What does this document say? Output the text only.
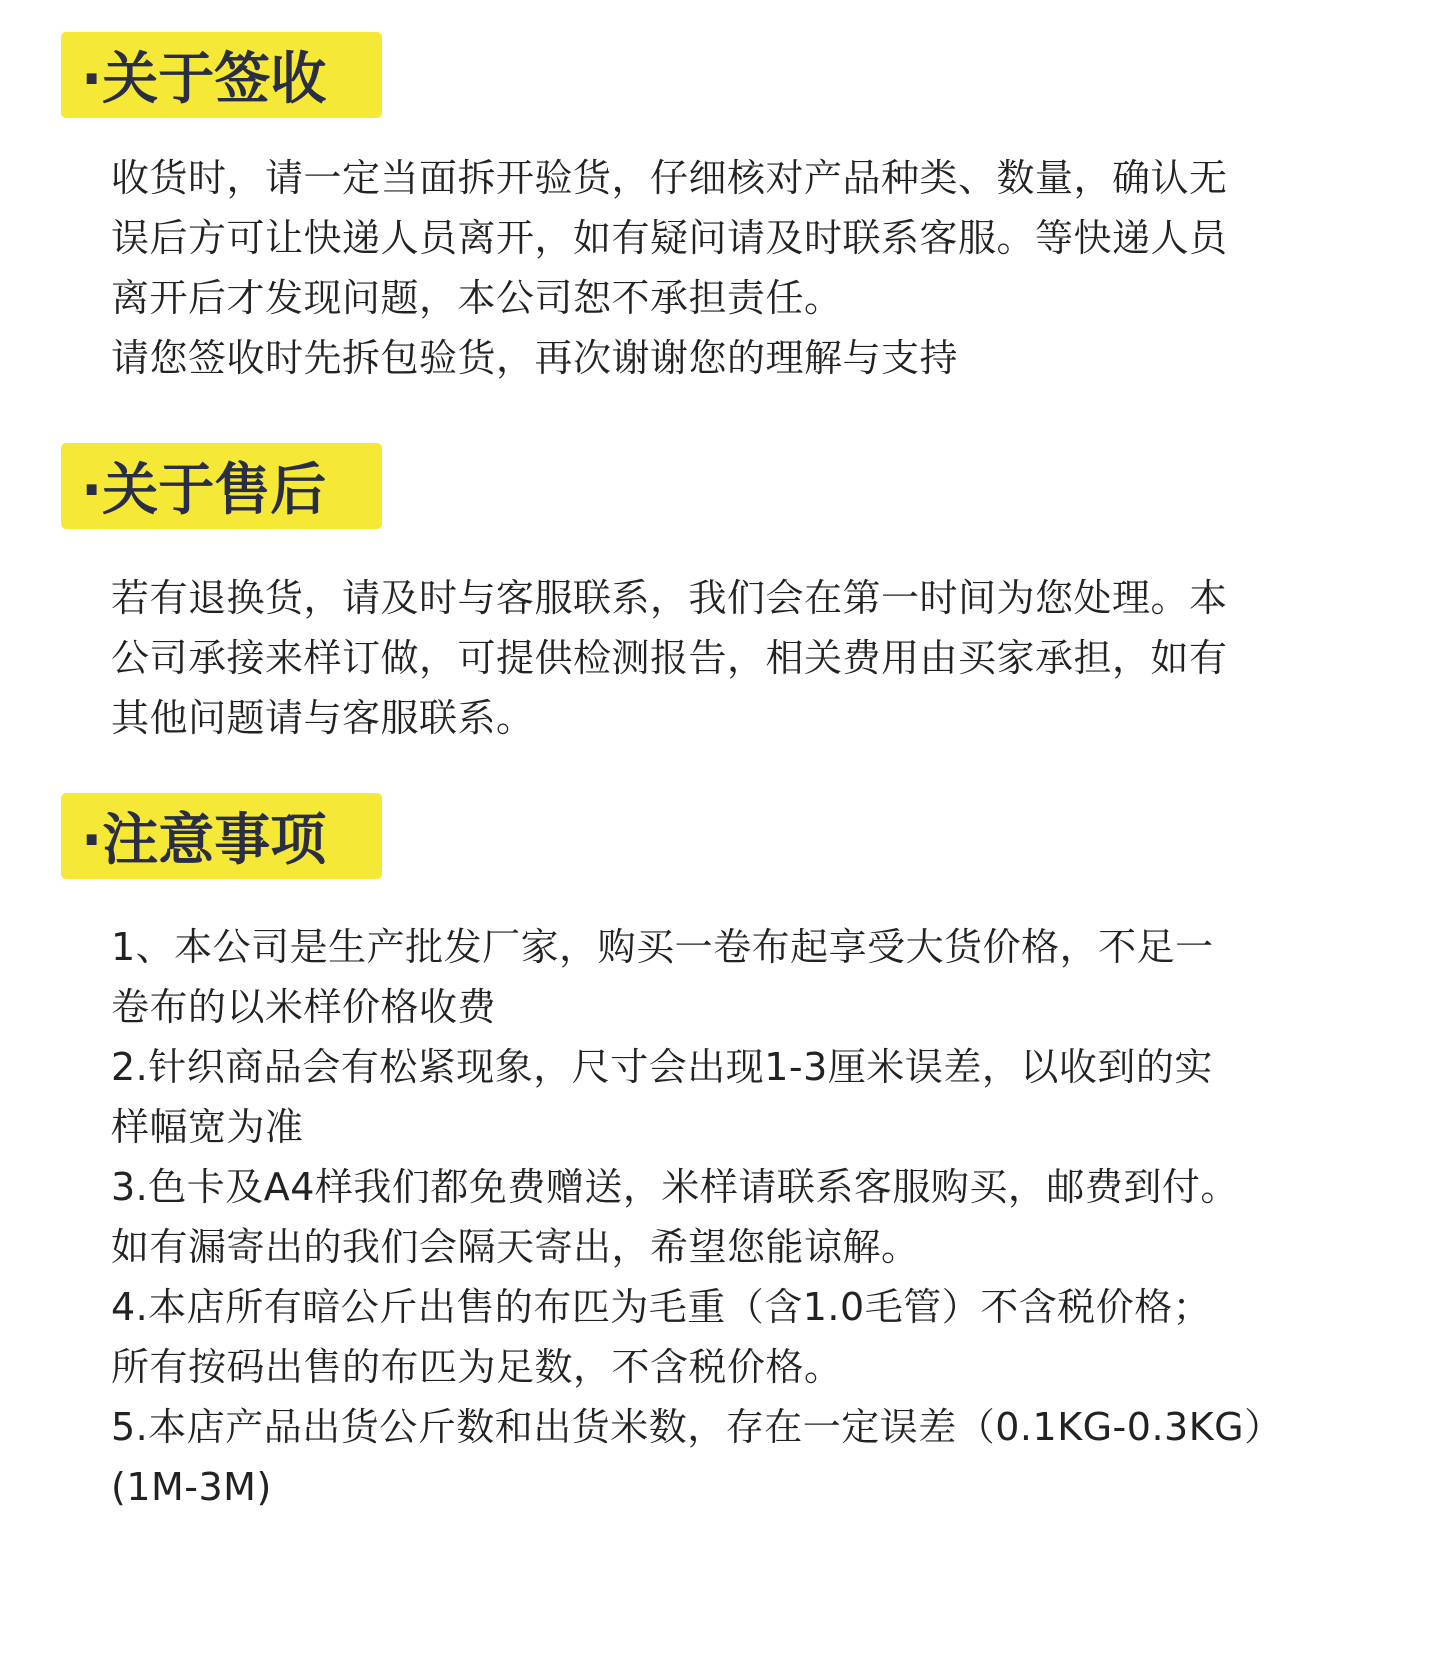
·关于签收

收货时，请一定当面拆开验货，仔细核对产品种类、数量，确认无

误后方可让快递人员离开，如有疑问请及时联系客服。等快递人员

离开后才发现问题，本公司恕不承担责任。

请您签收时先拆包验货，再次谢谢您的理解与支持

·关于售后

若有退换货，请及时与客服联系，我们会在第一时间为您处理。本

公司承接来样订做，可提供检测报告，相关费用由买家承担，如有

其他问题请与客服联系。

·注意事项

1、本公司是生产批发厂家，购买一卷布起享受大货价格，不足一

卷布的以米样价格收费

2.针织商品会有松紧现象，尺寸会出现1-3厘米误差，以收到的实

样幅宽为准

3.色卡及A4样我们都免费赠送，米样请联系客服购买，邮费到付。

如有漏寄出的我们会隔天寄出，希望您能谅解。

4.本店所有暗公斤出售的布匹为毛重（含1.0毛管）不含税价格；

所有按码出售的布匹为足数，不含税价格。

5.本店产品出货公斤数和出货米数，存在一定误差（0.1KG-0.3KG）

(1M-3M)
